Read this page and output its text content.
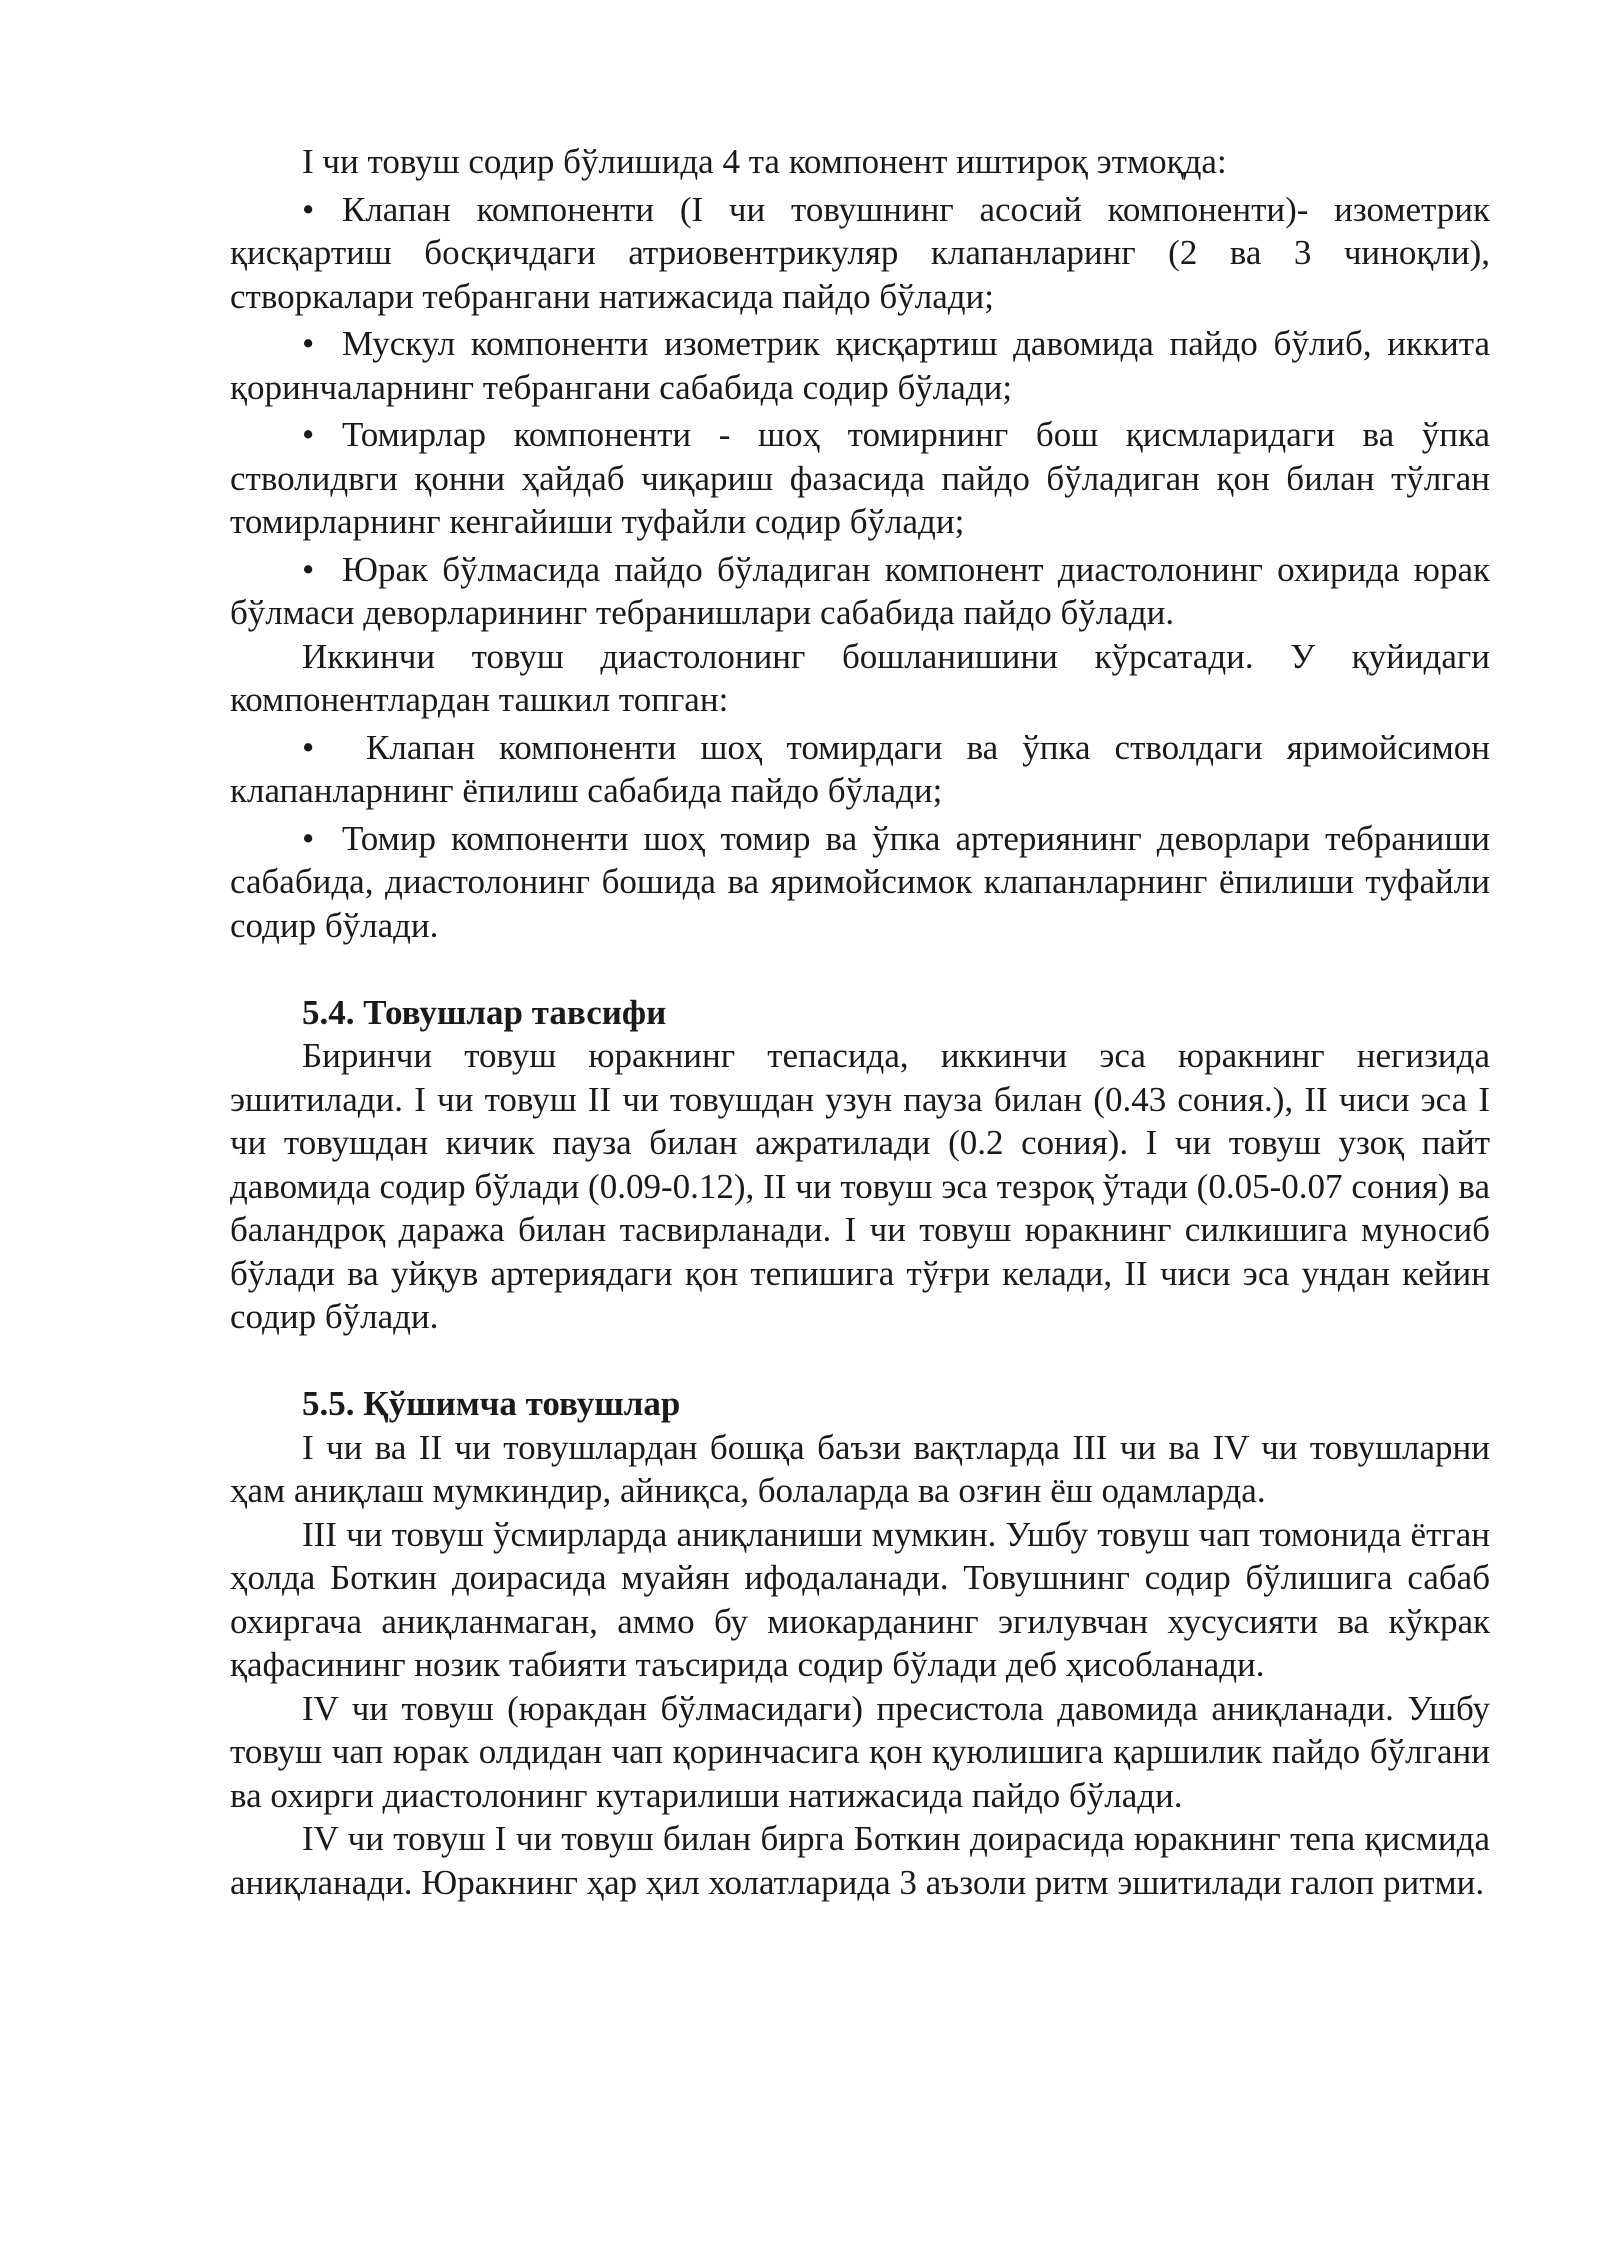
I чи товуш содир бўлишида 4 та компонент иштироқ этмоқда:

• Клапан компоненти (I чи товушнинг асосий компоненти)- изометрик қисқартиш босқичдаги атриовентрикуляр клапанларинг (2 ва 3 чиноқли), створкалари тебрангани натижасида пайдо бўлади;

• Мускул компоненти изометрик қисқартиш давомида пайдо бўлиб, иккита қоринчаларнинг тебрангани сабабида содир бўлади;

• Томирлар компоненти - шоҳ томирнинг бош қисмларидаги ва ўпка стволидвги қонни ҳайдаб чиқариш фазасида пайдо бўладиган қон билан тўлган томирларнинг кенгайиши туфайли содир бўлади;

• Юрак бўлмасида пайдо бўладиган компонент диастолонинг охирида юрак бўлмаси деворларининг тебранишлари сабабида пайдо бўлади.

Иккинчи товуш диастолонинг бошланишини кўрсатади. У қуйидаги компонентлардан ташкил топган:

• Клапан компоненти шоҳ томирдаги ва ўпка стволдаги яримойсимон клапанларнинг ёпилиш сабабида пайдо бўлади;

• Томир компоненти шоҳ томир ва ўпка артериянинг деворлари тебраниши сабабида, диастолонинг бошида ва яримойсимок клапанларнинг ёпилиши туфайли содир бўлади.

5.4. Товушлар тавсифи

Биринчи товуш юракнинг тепасида, иккинчи эса юракнинг негизида эшитилади. I чи товуш II чи товушдан узун пауза билан (0.43 сония.), II чиси эса I чи товушдан кичик пауза билан ажратилади (0.2 сония). I чи товуш узоқ пайт давомида содир бўлади (0.09-0.12), II чи товуш эса тезроқ ўтади (0.05-0.07 сония) ва баландроқ даража билан тасвирланади. I чи товуш юракнинг силкишига муносиб бўлади ва уйқув артериядаги қон тепишига тўғри келади, II чиси эса ундан кейин содир бўлади.

5.5. Қўшимча товушлар

I чи ва II чи товушлардан бошқа баъзи вақтларда III чи ва IV чи товушларни ҳам аниқлаш мумкиндир, айниқса, болаларда ва озғин ёш одамларда.

III чи товуш ўсмирларда аниқланиши мумкин. Ушбу товуш чап томонида ётган ҳолда Боткин доирасида муайян ифодаланади. Товушнинг содир бўлишига сабаб охиргача аниқланмаган, аммо бу миокарданинг эгилувчан хусусияти ва кўкрак қафасининг нозик табияти таъсирида содир бўлади деб ҳисобланади.

IV чи товуш (юракдан бўлмасидаги) пресистола давомида аниқланади. Ушбу товуш чап юрак олдидан чап қоринчасига қон қуюлишига қаршилик пайдо бўлгани ва охирги диастолонинг кутарилиши натижасида пайдо бўлади.

IV чи товуш I чи товуш билан бирга Боткин доирасида юракнинг тепа қисмида аниқланади. Юракнинг ҳар ҳил холатларида 3 аъзоли ритм эшитилади галоп ритми.
